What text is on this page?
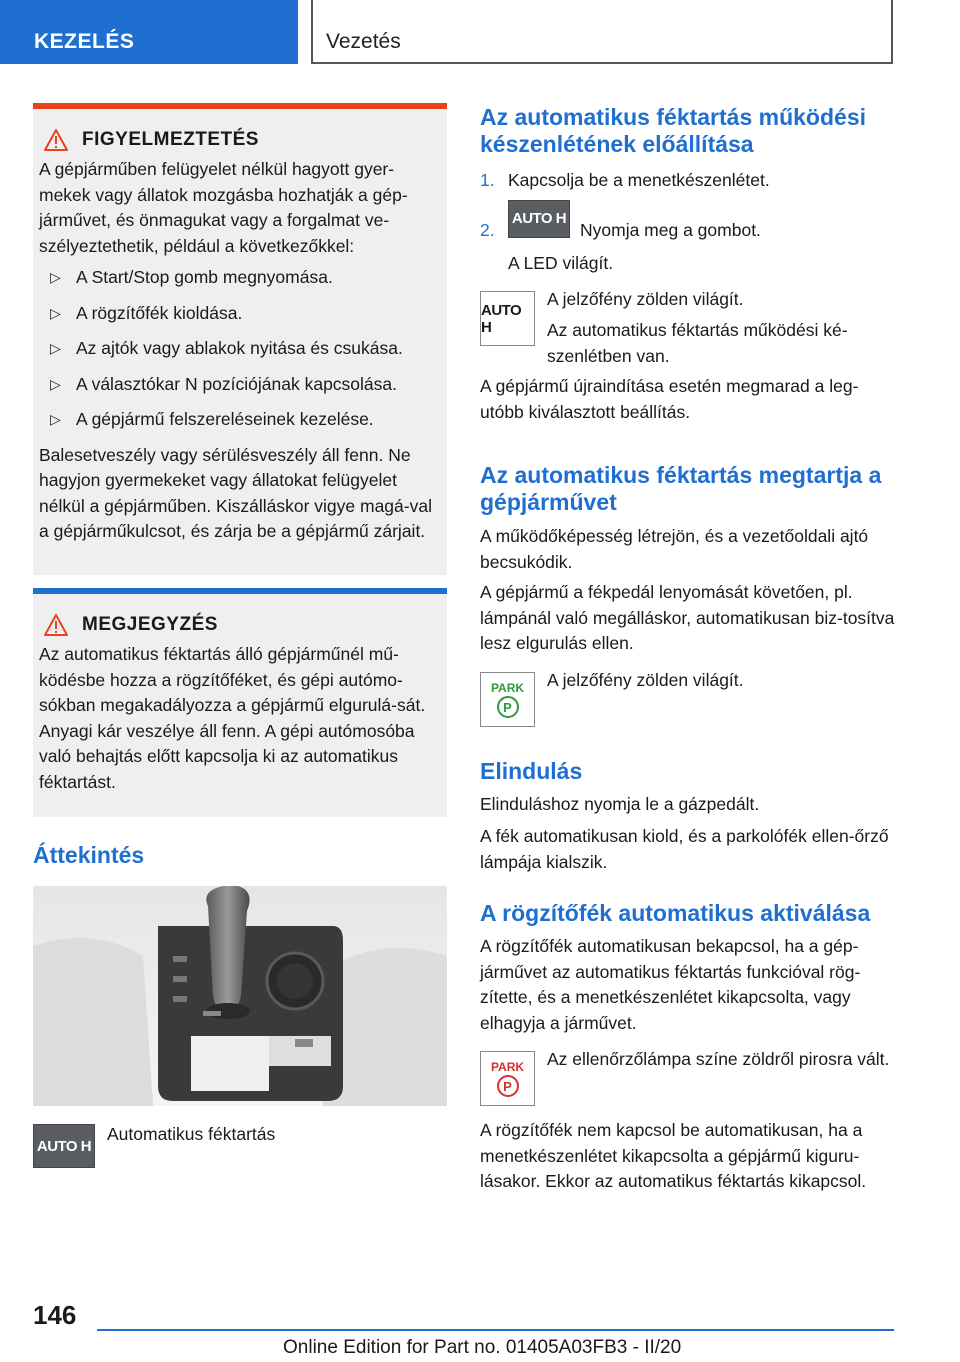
KEZELÉS	Vezetés
FIGYELMEZTETÉS

A gépjárműben felügyelet nélkül hagyott gyer-mekek vagy állatok mozgásba hozhatják a gép-járművet, és önmagukat vagy a forgalmat ve-szélyeztethetik, például a következőkkel:

▷ A Start/Stop gomb megnyomása.
▷ A rögzítőfék kioldása.
▷ Az ajtók vagy ablakok nyitása és csukása.
▷ A választókar N pozíciójának kapcsolása.
▷ A gépjármű felszereléseinek kezelése.

Balesetveszély vagy sérülésveszély áll fenn. Ne hagyjon gyermekeket vagy állatokat felügyelet nélkül a gépjárműben. Kiszálláskor vigye magá-val a gépjárműkulcsot, és zárja be a gépjármű zárjait.

MEGJEGYZÉS

Az automatikus féktartás álló gépjárműnél mű-ködésbe hozza a rögzítőféket, és gépi autómo-sókban megakadályozza a gépjármű elgurulá-sát. Anyagi kár veszélye áll fenn. A gépi autómosóba való behajtás előtt kapcsolja ki az automatikus féktartást.

Áttekintés
AUTO H
Automatikus féktartás
Az automatikus féktartás működési készenlétének előállítása
1. Kapcsolja be a menetkészenlétet.
2.
AUTO H
Nyomja meg a gombot.
A LED világít.
AUTO H
A jelzőfény zölden világít.
Az automatikus féktartás működési ké-szenlétben van.
A gépjármű újraindítása esetén megmarad a leg-utóbb kiválasztott beállítás.
Az automatikus féktartás megtartja a gépjárművet
A működőképesség létrejön, és a vezetőoldali ajtó becsukódik.
A gépjármű a fékpedál lenyomását követően, pl. lámpánál való megálláskor, automatikusan biz-tosítva lesz elgurulás ellen.
PARK
P
A jelzőfény zölden világít.
Elindulás
Elinduláshoz nyomja le a gázpedált.
A fék automatikusan kiold, és a parkolófék ellen-őrző lámpája kialszik.
A rögzítőfék automatikus aktiválása
A rögzítőfék automatikusan bekapcsol, ha a gép-járművet az automatikus féktartás funkcióval rög-zítette, és a menetkészenlétet kikapcsolta, vagy elhagyja a járművet.
PARK
P
Az ellenőrzőlámpa színe zöldről pirosra vált.
A rögzítőfék nem kapcsol be automatikusan, ha a menetkészenlétet kikapcsolta a gépjármű kiguru-lásakor. Ekkor az automatikus féktartás kikapcsol.
146
Online Edition for Part no. 01405A03FB3 - II/20
